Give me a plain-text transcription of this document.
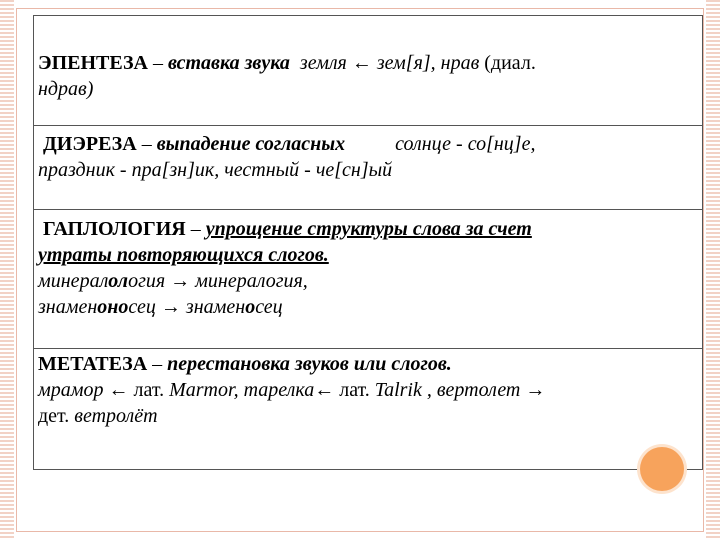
ЭПЕНТЕЗА – вставка звука земля ← зем[я], нрав (диал.
ндрав)
ДИЭРЕЗА – выпадение согласных	солнце - со[нц]е,
праздник - пра[зн]ик, честный - че[сн]ый
ГАПЛОЛОГИЯ – упрощение структуры слова за счет
утраты повторяющихся слогов.
минералология → минералогия,
знаменоносец → знаменосец
МЕТАТЕЗА – перестановка звуков или слогов.
мрамор ← лат. Marmor, тарелка← лат. Talrik , вертолет →
дет. ветролёт
